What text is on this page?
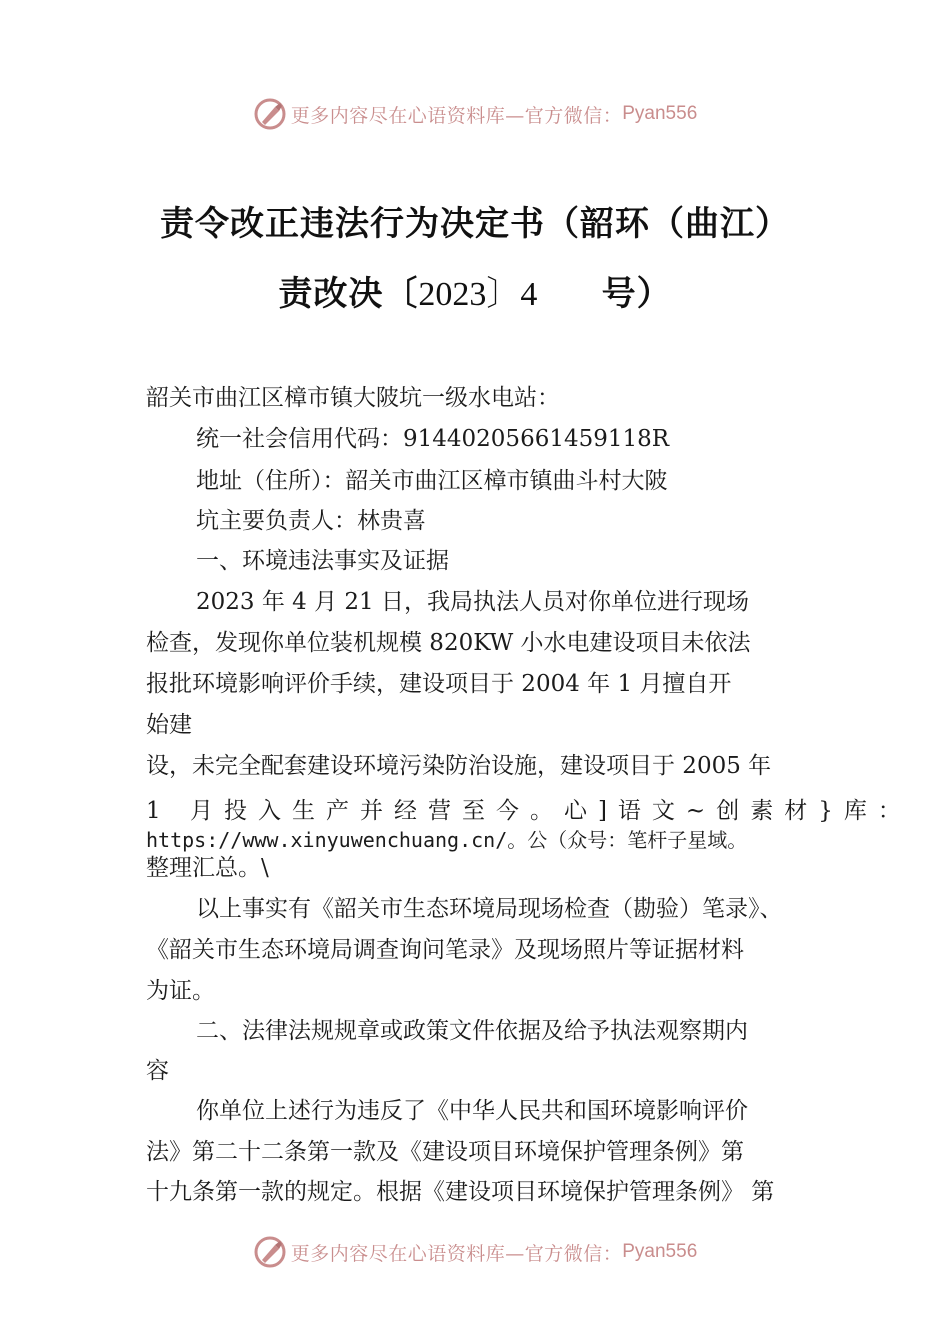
更多内容尽在心语资料库—官方微信： Pyan556
责令改正违法行为决定书（韶环（曲江）
责改决〔2023〕4 号）
韶关市曲江区樟市镇大陂坑一级水电站：
统一社会信用代码：91440205661459118R
地址（住所）：韶关市曲江区樟市镇曲斗村大陂
坑主要负责人：林贵喜
一、环境违法事实及证据
2023 年 4 月 21 日，我局执法人员对你单位进行现场
检查，发现你单位装机规模 820KW 小水电建设项目未依法
报批环境影响评价手续，建设项目于 2004 年 1 月擅自开
始建
设，未完全配套建设环境污染防治设施，建设项目于 2005 年
1 月投入生产并经营至今。心]语文~创素材}库：
https://www.xinyuwenchuang.cn/。公（众号：笔杆子星域。
整理汇总。\
以上事实有《韶关市生态环境局现场检查（勘验）笔录》、
《韶关市生态环境局调查询问笔录》及现场照片等证据材料
为证。
二、法律法规规章或政策文件依据及给予执法观察期内
容
你单位上述行为违反了《中华人民共和国环境影响评价
法》第二十二条第一款及《建设项目环境保护管理条例》第
十九条第一款的规定。根据《建设项目环境保护管理条例》 第
更多内容尽在心语资料库—官方微信： Pyan556
